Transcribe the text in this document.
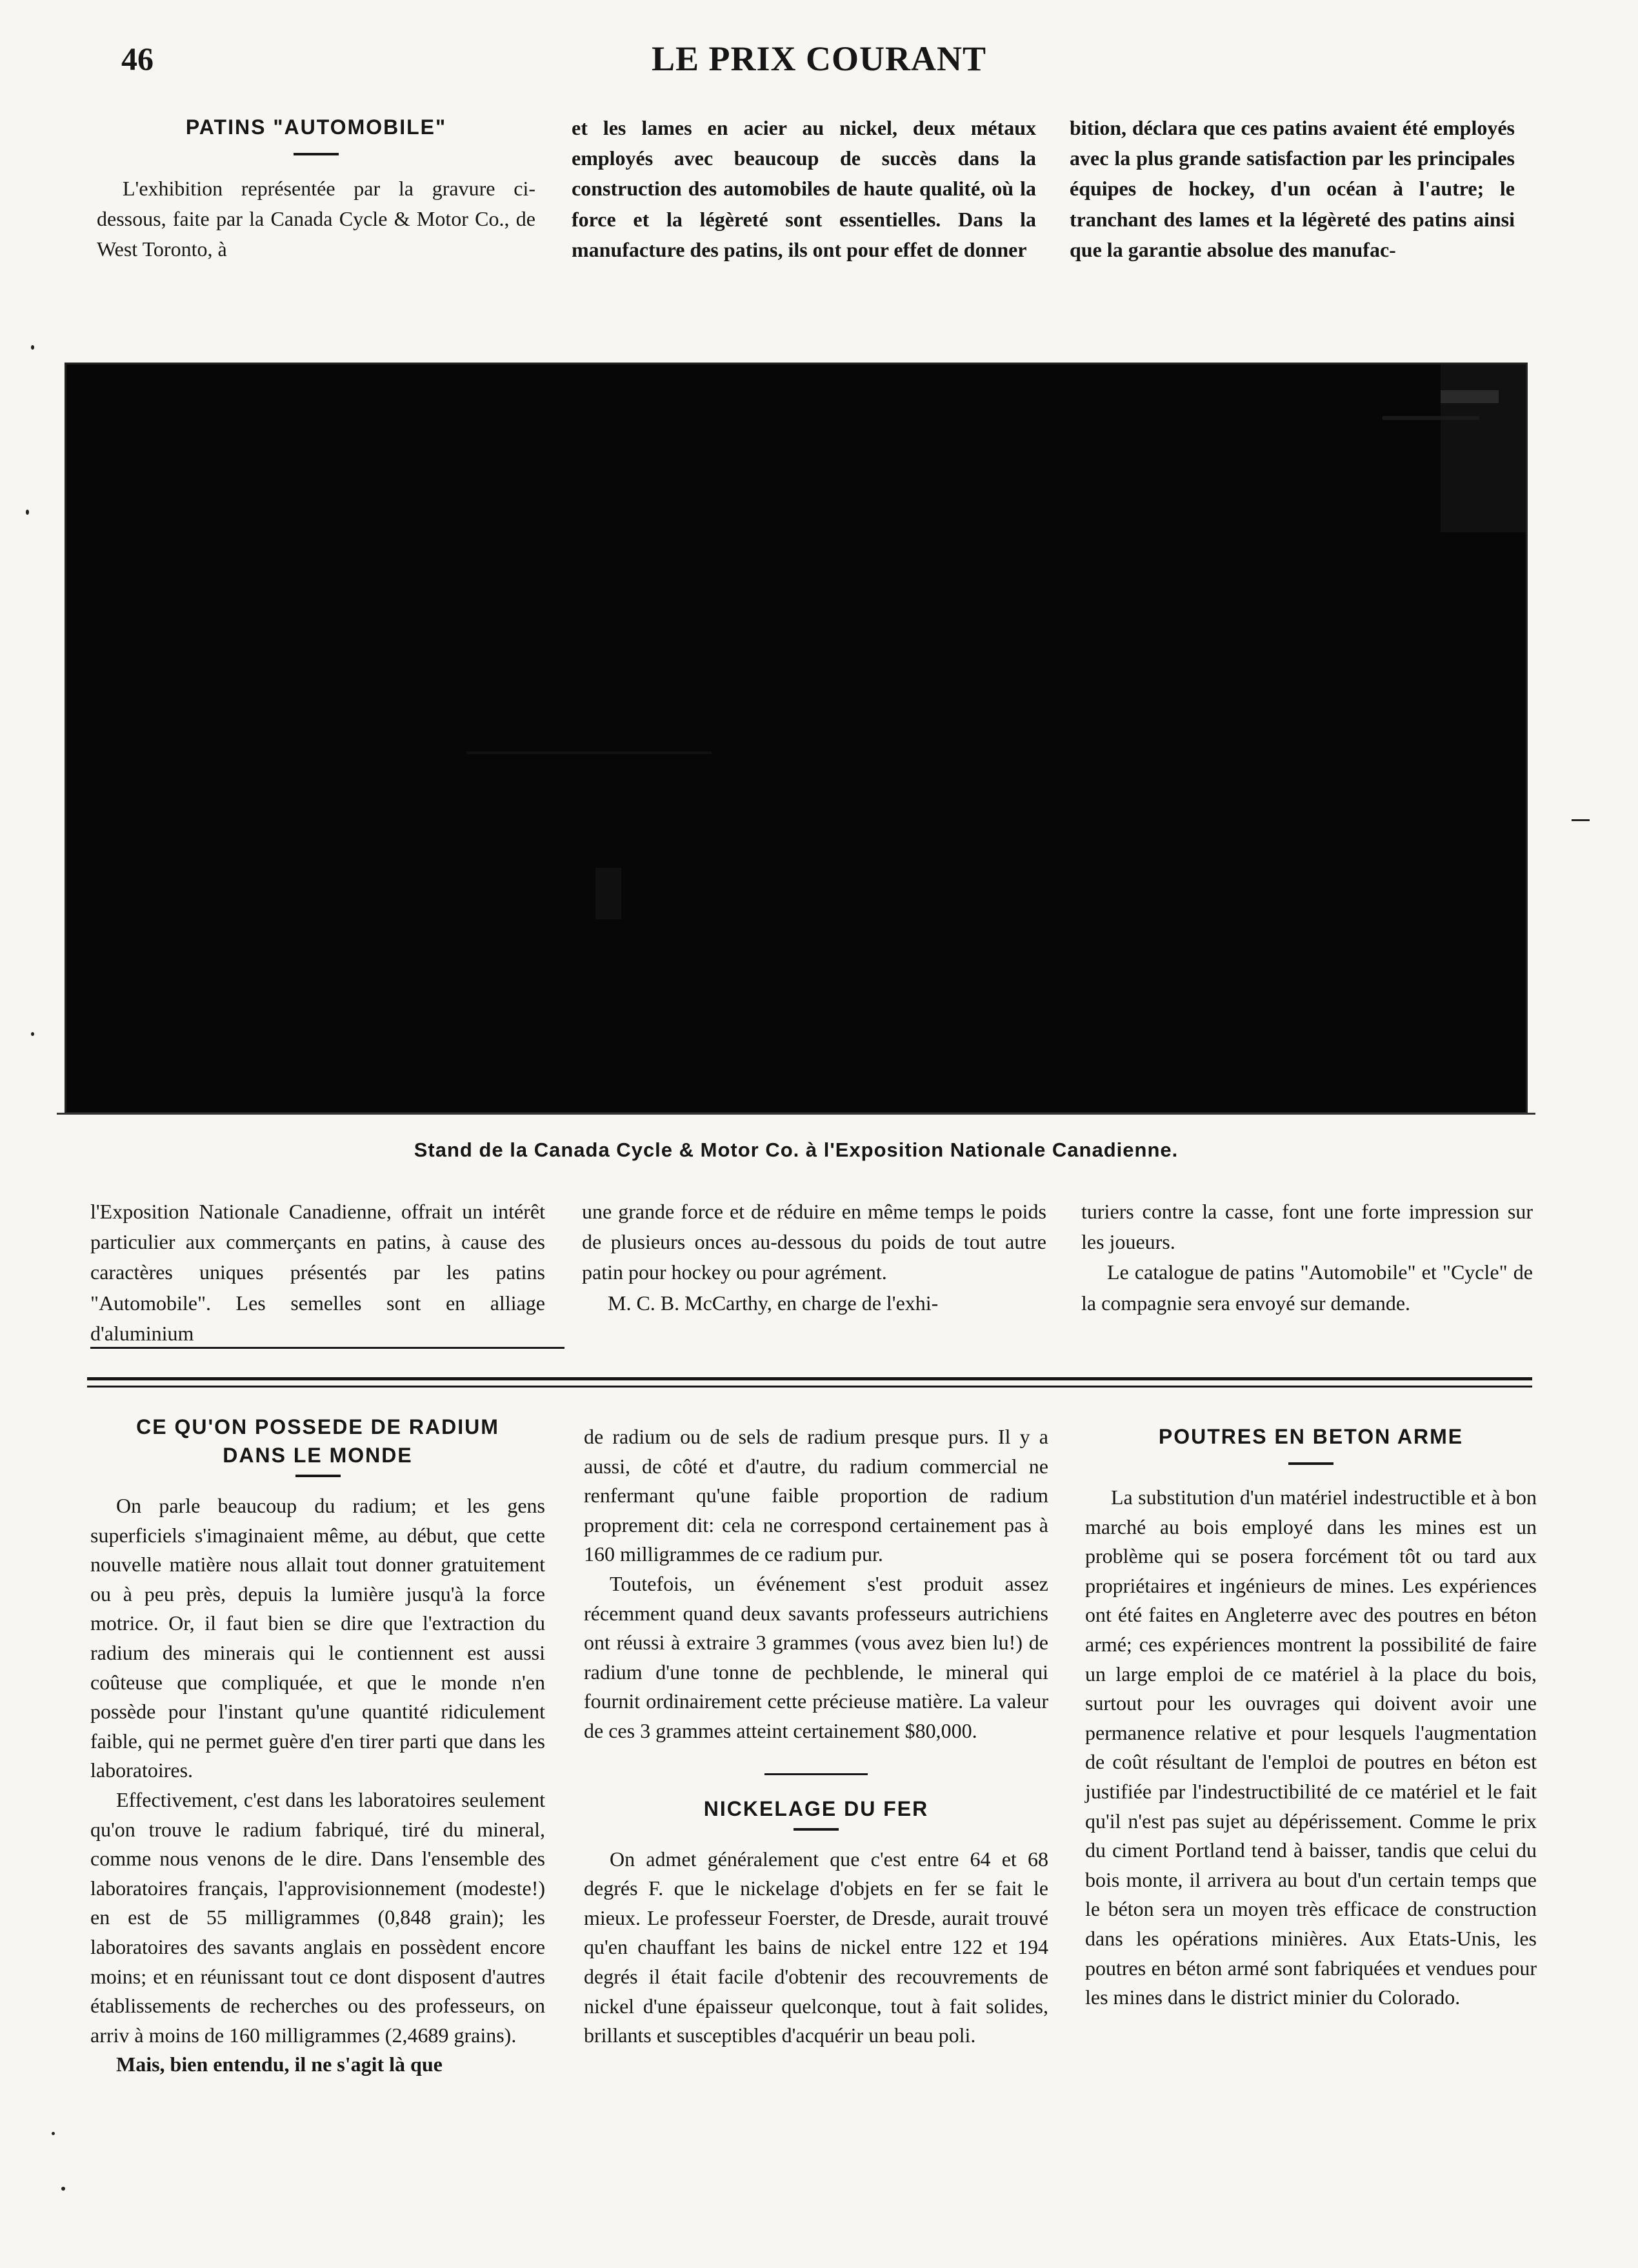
46	LE PRIX COURANT
PATINS "AUTOMOBILE"

L'exhibition représentée par la gravure ci-dessous, faite par la Canada Cycle & Motor Co., de West Toronto, à

et les lames en acier au nickel, deux métaux employés avec beaucoup de succès dans la construction des automobiles de haute qualité, où la force et la légèreté sont essentielles. Dans la manufacture des patins, ils ont pour effet de donner

bition, déclara que ces patins avaient été employés avec la plus grande satisfaction par les principales équipes de hockey, d'un océan à l'autre; le tranchant des lames et la légèreté des patins ainsi que la garantie absolue des manufac-

Stand de la Canada Cycle & Motor Co. à l'Exposition Nationale Canadienne.

l'Exposition Nationale Canadienne, offrait un intérêt particulier aux commerçants en patins, à cause des caractères uniques présentés par les patins "Automobile". Les semelles sont en alliage d'aluminium

une grande force et de réduire en même temps le poids de plusieurs onces au-dessous du poids de tout autre patin pour hockey ou pour agrément.

M. C. B. McCarthy, en charge de l'exhi-

turiers contre la casse, font une forte impression sur les joueurs.

Le catalogue de patins "Automobile" et "Cycle" de la compagnie sera envoyé sur demande.

CE QU'ON POSSEDE DE RADIUM
DANS LE MONDE

On parle beaucoup du radium; et les gens superficiels s'imaginaient même, au début, que cette nouvelle matière nous allait tout donner gratuitement ou à peu près, depuis la lumière jusqu'à la force motrice. Or, il faut bien se dire que l'extraction du radium des minerais qui le contiennent est aussi coûteuse que compliquée, et que le monde n'en possède pour l'instant qu'une quantité ridiculement faible, qui ne permet guère d'en tirer parti que dans les laboratoires.

Effectivement, c'est dans les laboratoires seulement qu'on trouve le radium fabriqué, tiré du mineral, comme nous venons de le dire. Dans l'ensemble des laboratoires français, l'approvisionnement (modeste!) en est de 55 milligrammes (0,848 grain); les laboratoires des savants anglais en possèdent encore moins; et en réunissant tout ce dont disposent d'autres établissements de recherches ou des professeurs, on arriv à moins de 160 milligrammes (2,4689 grains).

Mais, bien entendu, il ne s'agit là que

de radium ou de sels de radium presque purs. Il y a aussi, de côté et d'autre, du radium commercial ne renfermant qu'une faible proportion de radium proprement dit: cela ne correspond certainement pas à 160 milligrammes de ce radium pur.

Toutefois, un événement s'est produit assez récemment quand deux savants professeurs autrichiens ont réussi à extraire 3 grammes (vous avez bien lu!) de radium d'une tonne de pechblende, le mineral qui fournit ordinairement cette précieuse matière. La valeur de ces 3 grammes atteint certainement $80,000.

NICKELAGE DU FER

On admet généralement que c'est entre 64 et 68 degrés F. que le nickelage d'objets en fer se fait le mieux. Le professeur Foerster, de Dresde, aurait trouvé qu'en chauffant les bains de nickel entre 122 et 194 degrés il était facile d'obtenir des recouvrements de nickel d'une épaisseur quelconque, tout à fait solides, brillants et susceptibles d'acquérir un beau poli.

POUTRES EN BETON ARME

La substitution d'un matériel indestructible et à bon marché au bois employé dans les mines est un problème qui se posera forcément tôt ou tard aux propriétaires et ingénieurs de mines. Les expériences ont été faites en Angleterre avec des poutres en béton armé; ces expériences montrent la possibilité de faire un large emploi de ce matériel à la place du bois, surtout pour les ouvrages qui doivent avoir une permanence relative et pour lesquels l'augmentation de coût résultant de l'emploi de poutres en béton est justifiée par l'indestructibilité de ce matériel et le fait qu'il n'est pas sujet au dépérissement. Comme le prix du ciment Portland tend à baisser, tandis que celui du bois monte, il arrivera au bout d'un certain temps que le béton sera un moyen très efficace de construction dans les opérations minières. Aux Etats-Unis, les poutres en béton armé sont fabriquées et vendues pour les mines dans le district minier du Colorado.
